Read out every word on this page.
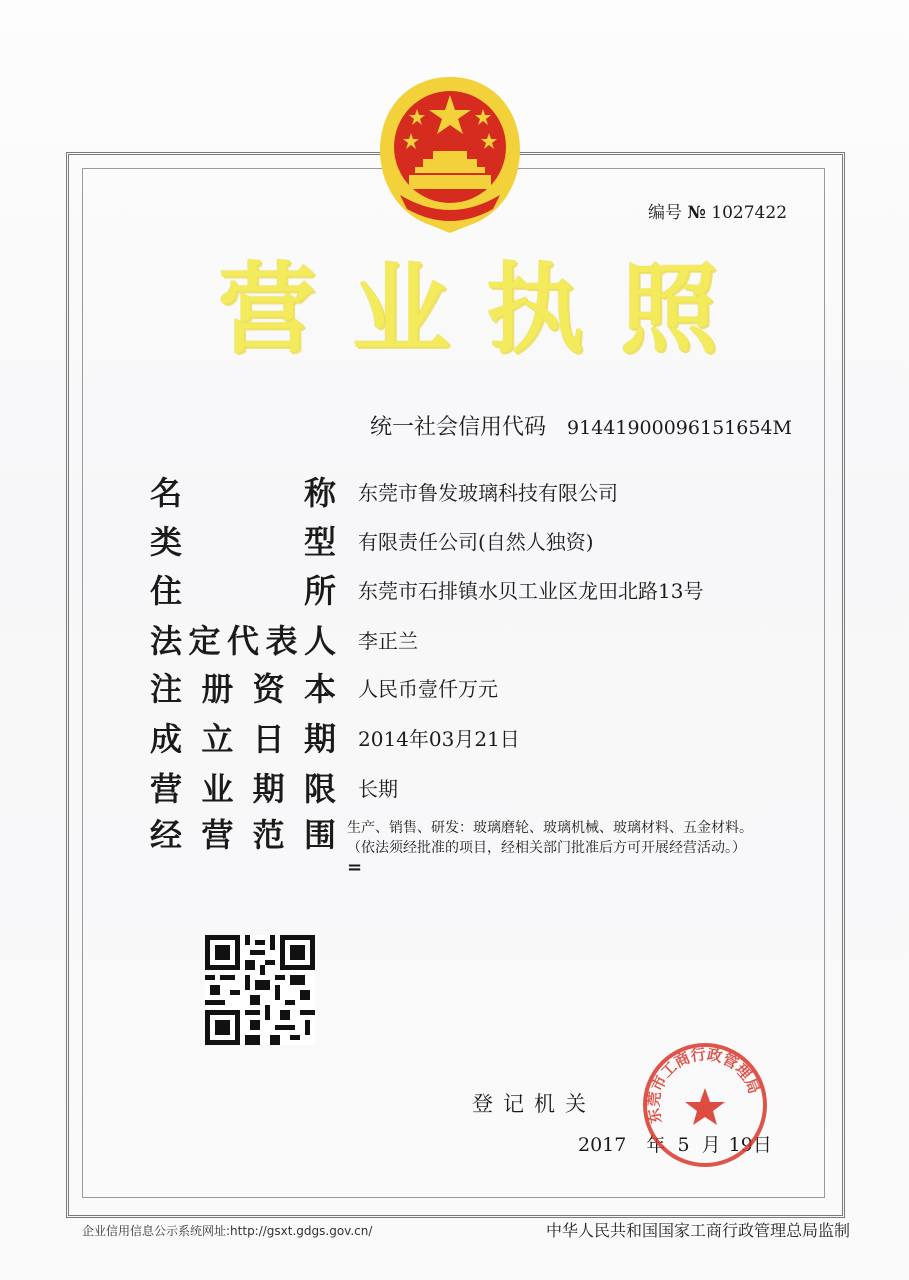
编号 № 1027422
营 业 执 照
统一社会信用代码 91441900096151654M
名	称 东莞市鲁发玻璃科技有限公司
类	型 有限责任公司(自然人独资)
住	所 东莞市石排镇水贝工业区龙田北路13号
法 定 代 表 人 李正兰
注 册 资 本 人民币壹仟万元
成 立 日 期 2014年03月21日
营 业 期 限 长期
经 营 范 围 生产、销售、研发：玻璃磨轮、玻璃机械、玻璃材料、五金材料。
（依法须经批准的项目，经相关部门批准后方可开展经营活动。）
=
登记机关
2017 年 5 月 19日
东莞市工商行政管理局
企业信用信息公示系统网址:http://gsxt.gdgs.gov.cn/	中华人民共和国国家工商行政管理总局监制
